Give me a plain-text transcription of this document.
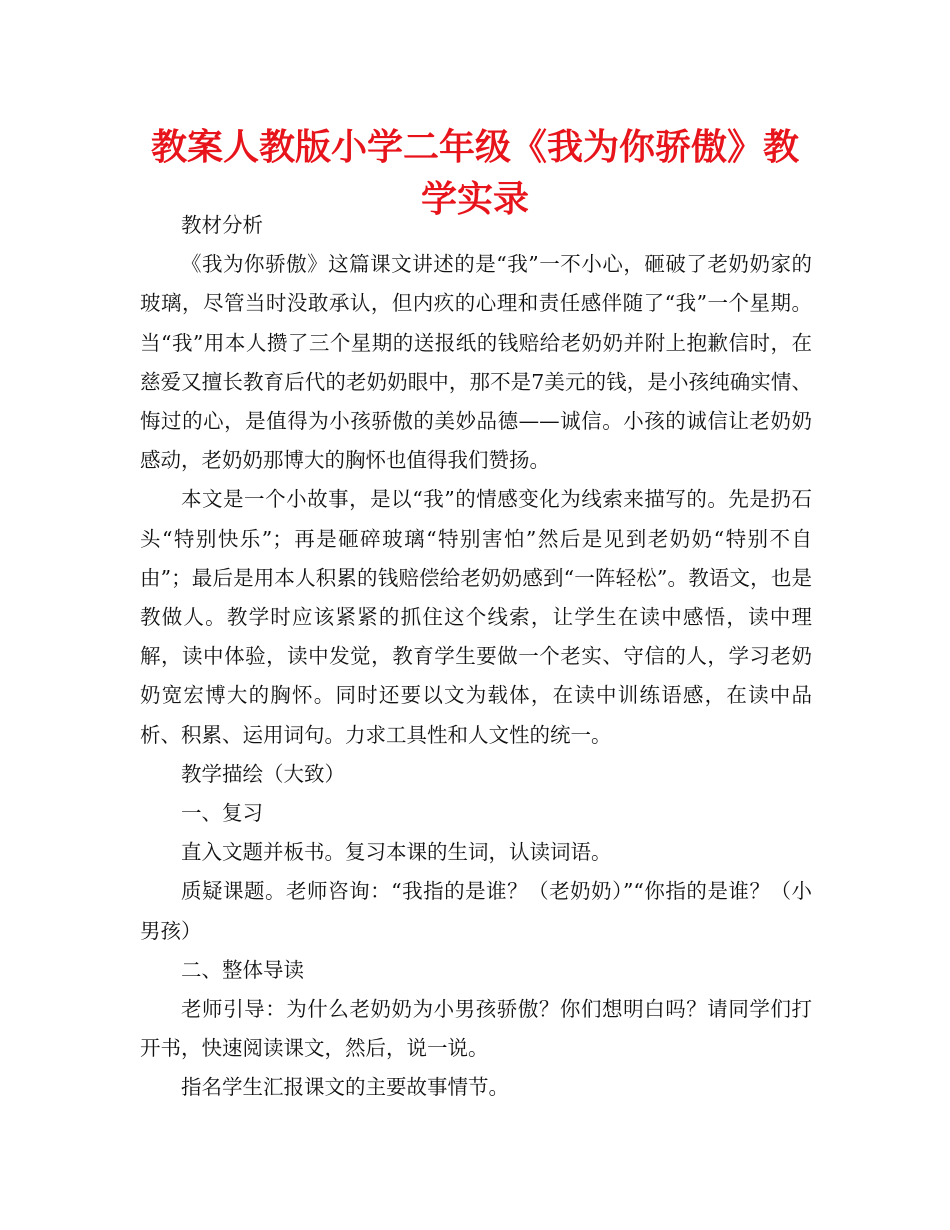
教案人教版小学二年级《我为你骄傲》教学实录

教材分析

《我为你骄傲》这篇课文讲述的是“我”一不小心，砸破了老奶奶家的玻璃，尽管当时没敢承认，但内疚的心理和责任感伴随了“我”一个星期。当“我”用本人攒了三个星期的送报纸的钱赔给老奶奶并附上抱歉信时，在慈爱又擅长教育后代的老奶奶眼中，那不是7美元的钱，是小孩纯确实情、悔过的心，是值得为小孩骄傲的美妙品德——诚信。小孩的诚信让老奶奶感动，老奶奶那博大的胸怀也值得我们赞扬。

本文是一个小故事，是以“我”的情感变化为线索来描写的。先是扔石头“特别快乐”；再是砸碎玻璃“特别害怕”然后是见到老奶奶“特别不自由”；最后是用本人积累的钱赔偿给老奶奶感到“一阵轻松”。教语文，也是教做人。教学时应该紧紧的抓住这个线索，让学生在读中感悟，读中理解，读中体验，读中发觉，教育学生要做一个老实、守信的人，学习老奶奶宽宏博大的胸怀。同时还要以文为载体，在读中训练语感，在读中品析、积累、运用词句。力求工具性和人文性的统一。

教学描绘（大致）

一、复习

直入文题并板书。复习本课的生词，认读词语。

质疑课题。老师咨询：“我指的是谁？（老奶奶）”“你指的是谁？（小男孩）

二、整体导读

老师引导：为什么老奶奶为小男孩骄傲？你们想明白吗？请同学们打开书，快速阅读课文，然后，说一说。

指名学生汇报课文的主要故事情节。
